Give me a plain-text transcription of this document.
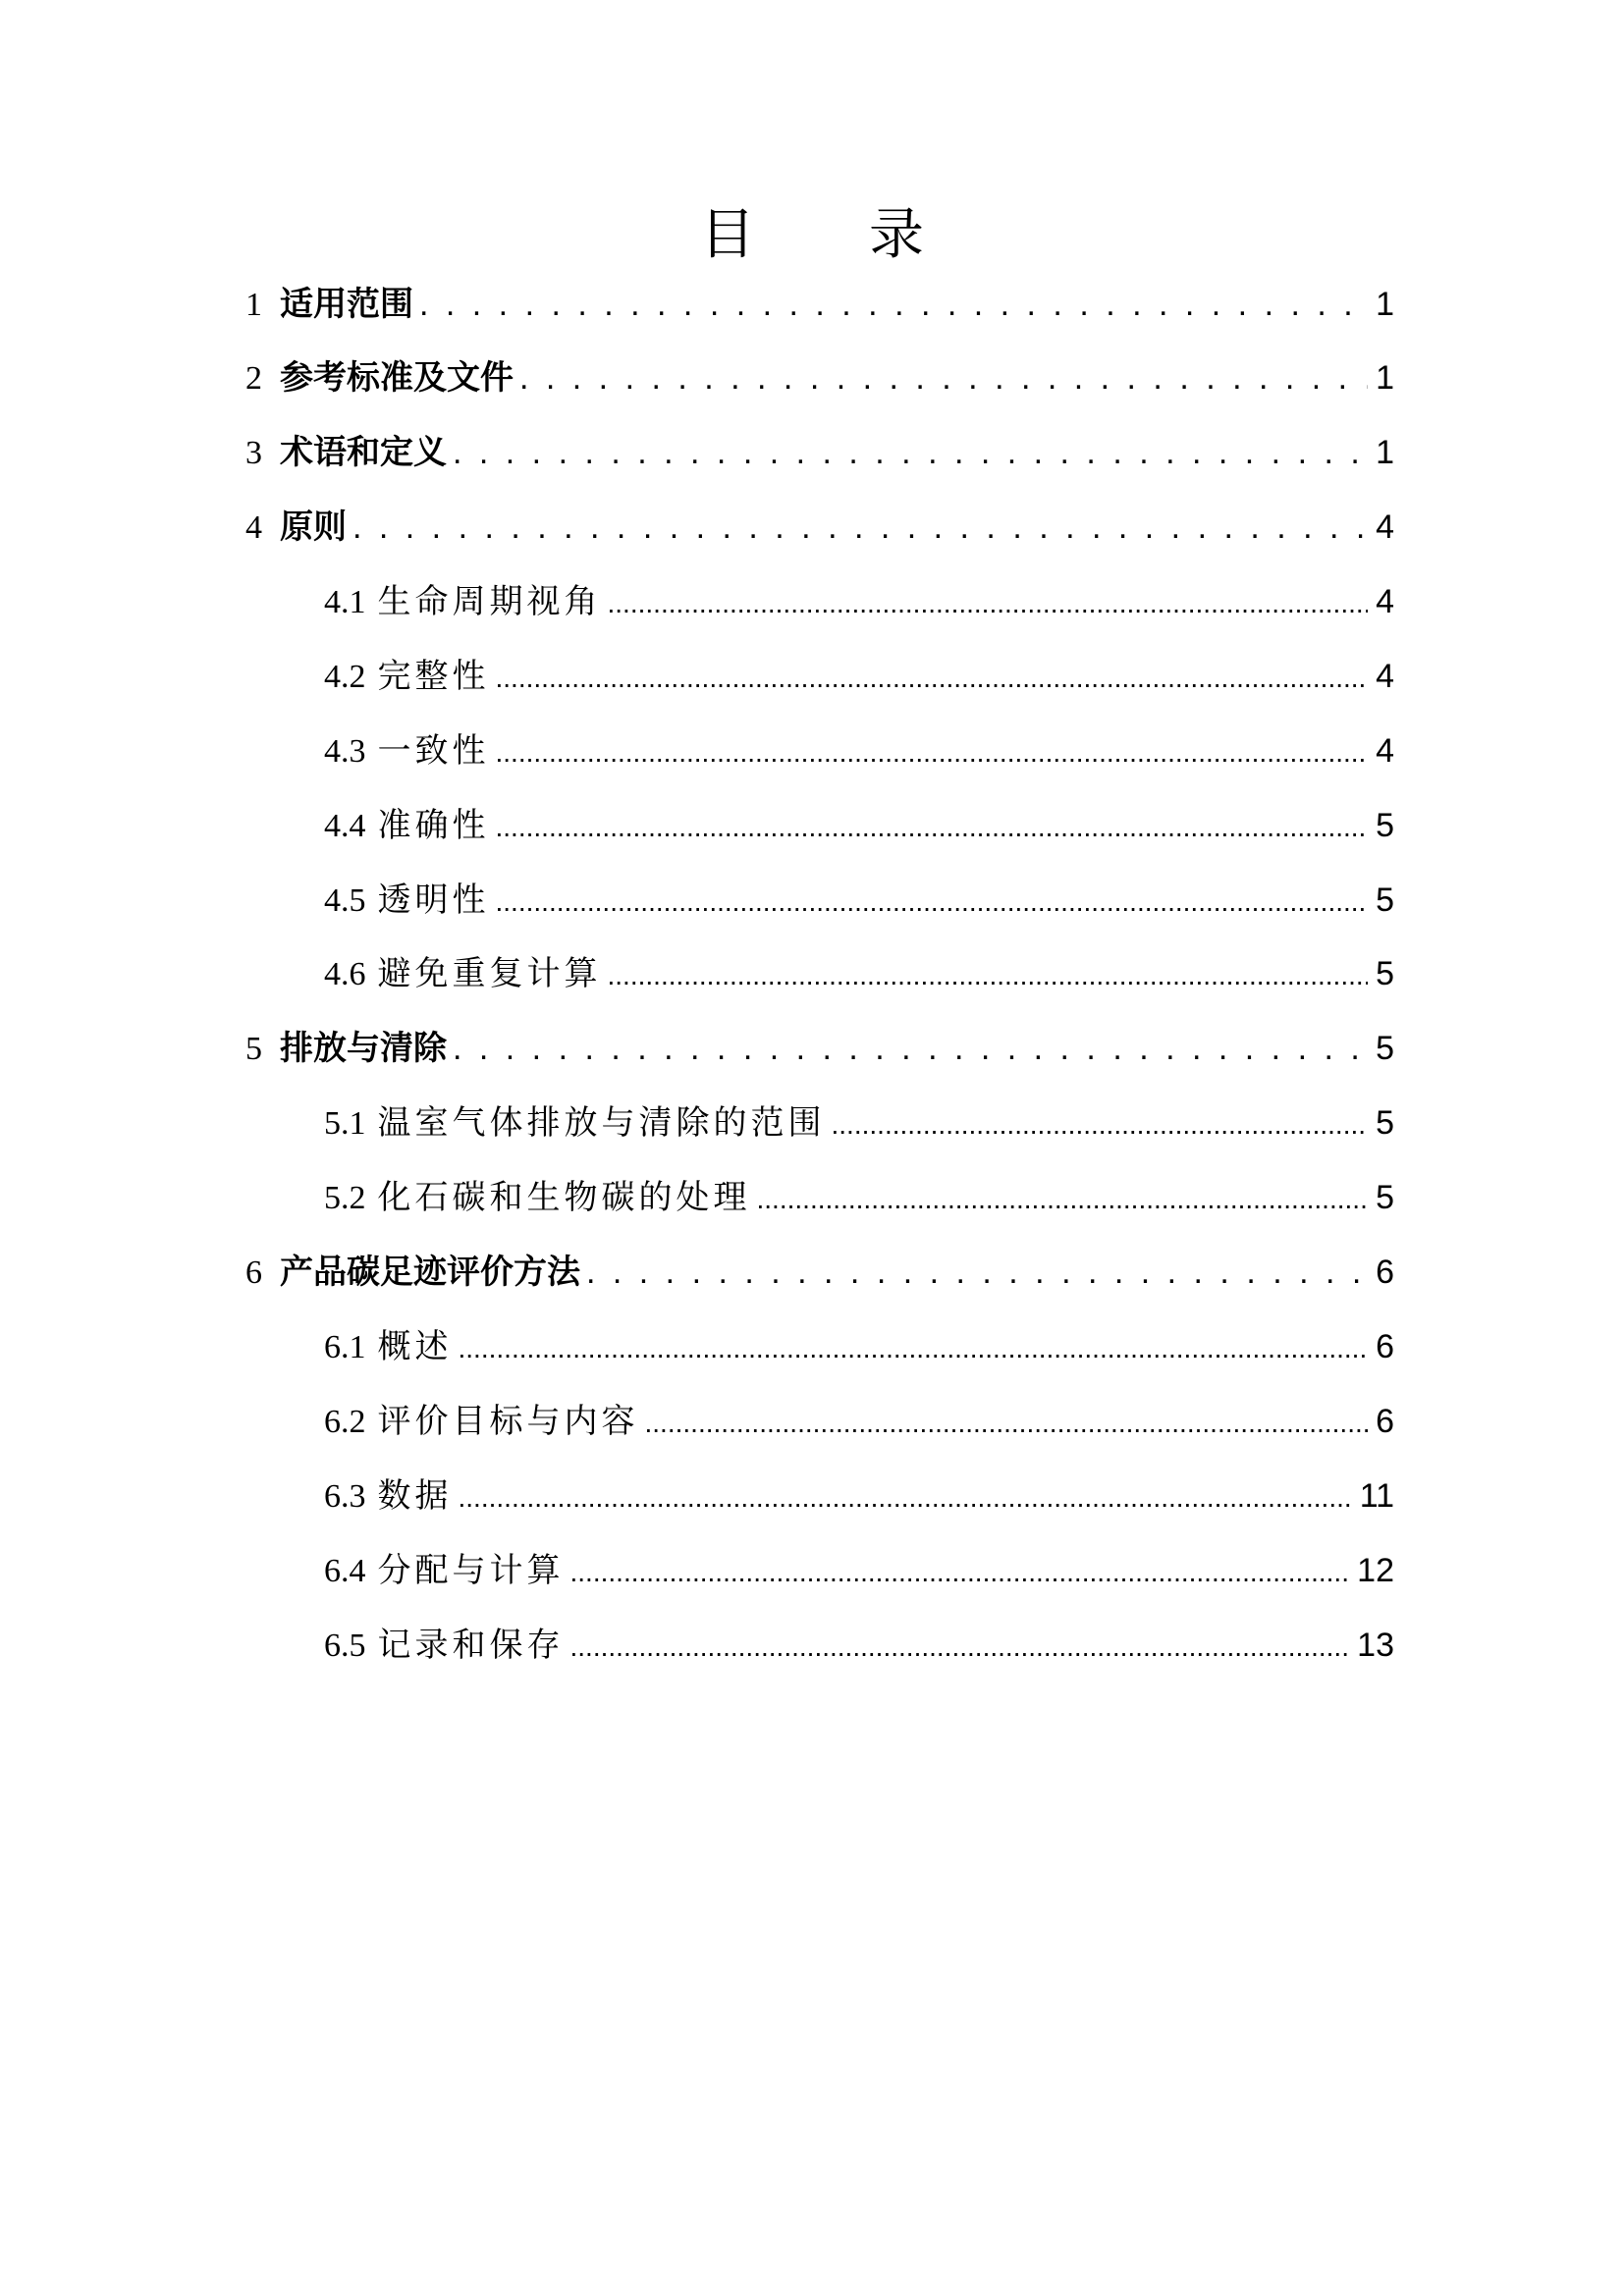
目　录
1 适用范围 . . .	1
2 参考标准及文件 . . .	1
3 术语和定义 . . .	1
4 原则 . . .	4
4.1 生命周期视角 .....	4
4.2 完整性 .....	4
4.3 一致性 .....	4
4.4 准确性 .....	5
4.5 透明性 .....	5
4.6 避免重复计算 .....	5
5 排放与清除 . . .	5
5.1 温室气体排放与清除的范围 .....	5
5.2 化石碳和生物碳的处理 .....	5
6 产品碳足迹评价方法 . . .	6
6.1 概述 .....	6
6.2 评价目标与内容 .....	6
6.3 数据 .....	11
6.4 分配与计算 .....	12
6.5 记录和保存 .....	13
